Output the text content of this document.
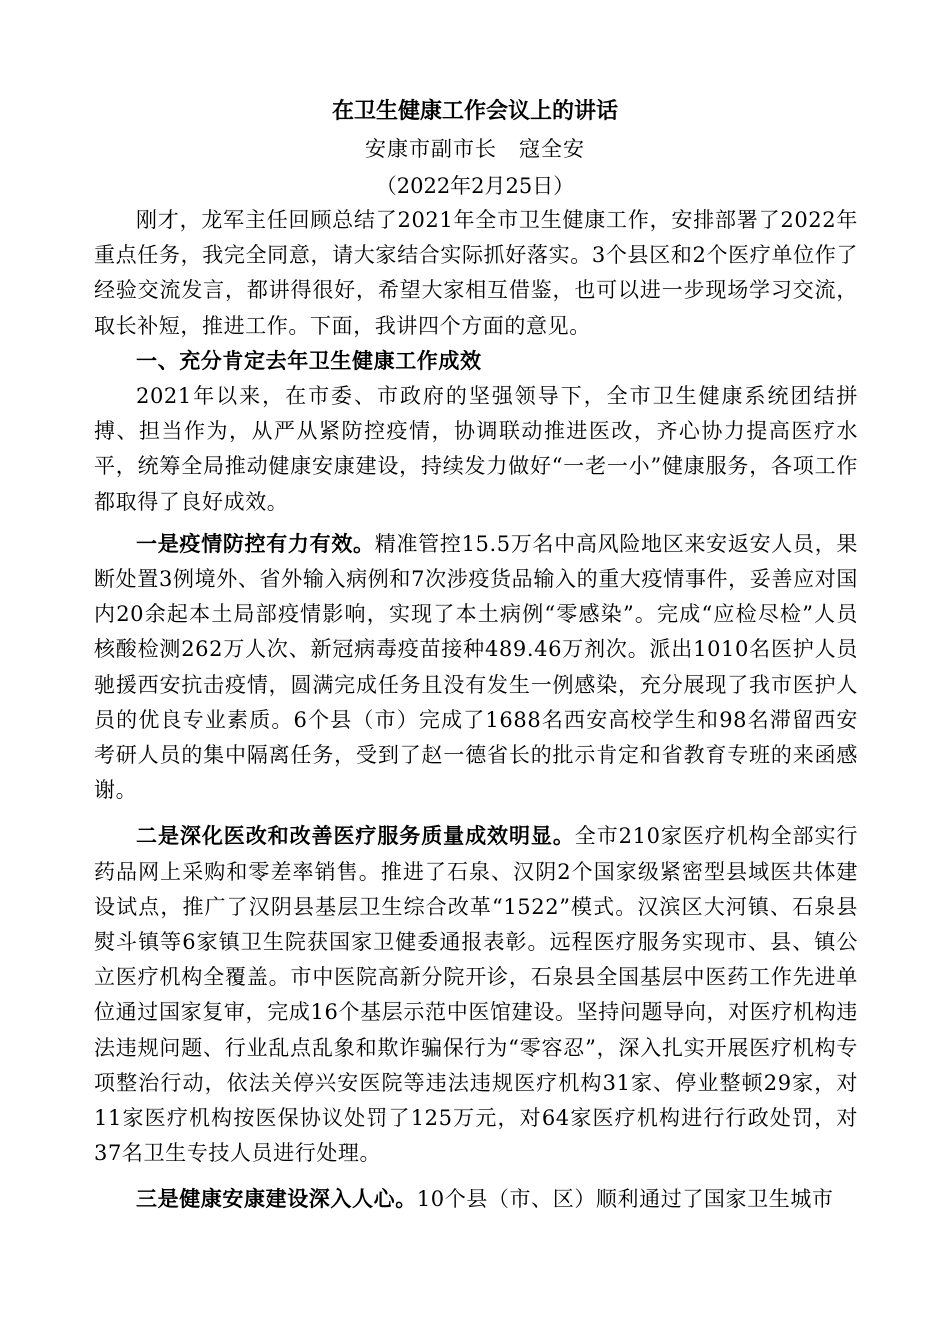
在卫生健康工作会议上的讲话
安康市副市长 寇全安
（2022年2月25日）

刚才，龙军主任回顾总结了2021年全市卫生健康工作，安排部署了2022年重点任务，我完全同意，请大家结合实际抓好落实。3个县区和2个医疗单位作了经验交流发言，都讲得很好，希望大家相互借鉴，也可以进一步现场学习交流，取长补短，推进工作。下面，我讲四个方面的意见。

一、充分肯定去年卫生健康工作成效

2021年以来，在市委、市政府的坚强领导下，全市卫生健康系统团结拼搏、担当作为，从严从紧防控疫情，协调联动推进医改，齐心协力提高医疗水平，统筹全局推动健康安康建设，持续发力做好“一老一小”健康服务，各项工作都取得了良好成效。

一是疫情防控有力有效。精准管控15.5万名中高风险地区来安返安人员，果断处置3例境外、省外输入病例和7次涉疫货品输入的重大疫情事件，妥善应对国内20余起本土局部疫情影响，实现了本土病例“零感染”。完成“应检尽检”人员核酸检测262万人次、新冠病毒疫苗接种489.46万剂次。派出1010名医护人员驰援西安抗击疫情，圆满完成任务且没有发生一例感染，充分展现了我市医护人员的优良专业素质。6个县（市）完成了1688名西安高校学生和98名滞留西安考研人员的集中隔离任务，受到了赵一德省长的批示肯定和省教育专班的来函感谢。

二是深化医改和改善医疗服务质量成效明显。全市210家医疗机构全部实行药品网上采购和零差率销售。推进了石泉、汉阴2个国家级紧密型县域医共体建设试点，推广了汉阴县基层卫生综合改革“1522”模式。汉滨区大河镇、石泉县熨斗镇等6家镇卫生院获国家卫健委通报表彰。远程医疗服务实现市、县、镇公立医疗机构全覆盖。市中医院高新分院开诊，石泉县全国基层中医药工作先进单位通过国家复审，完成16个基层示范中医馆建设。坚持问题导向，对医疗机构违法违规问题、行业乱点乱象和欺诈骗保行为“零容忍”，深入扎实开展医疗机构专项整治行动，依法关停兴安医院等违法违规医疗机构31家、停业整顿29家，对11家医疗机构按医保协议处罚了125万元，对64家医疗机构进行行政处罚，对37名卫生专技人员进行处理。

三是健康安康建设深入人心。10个县（市、区）顺利通过了国家卫生城市
